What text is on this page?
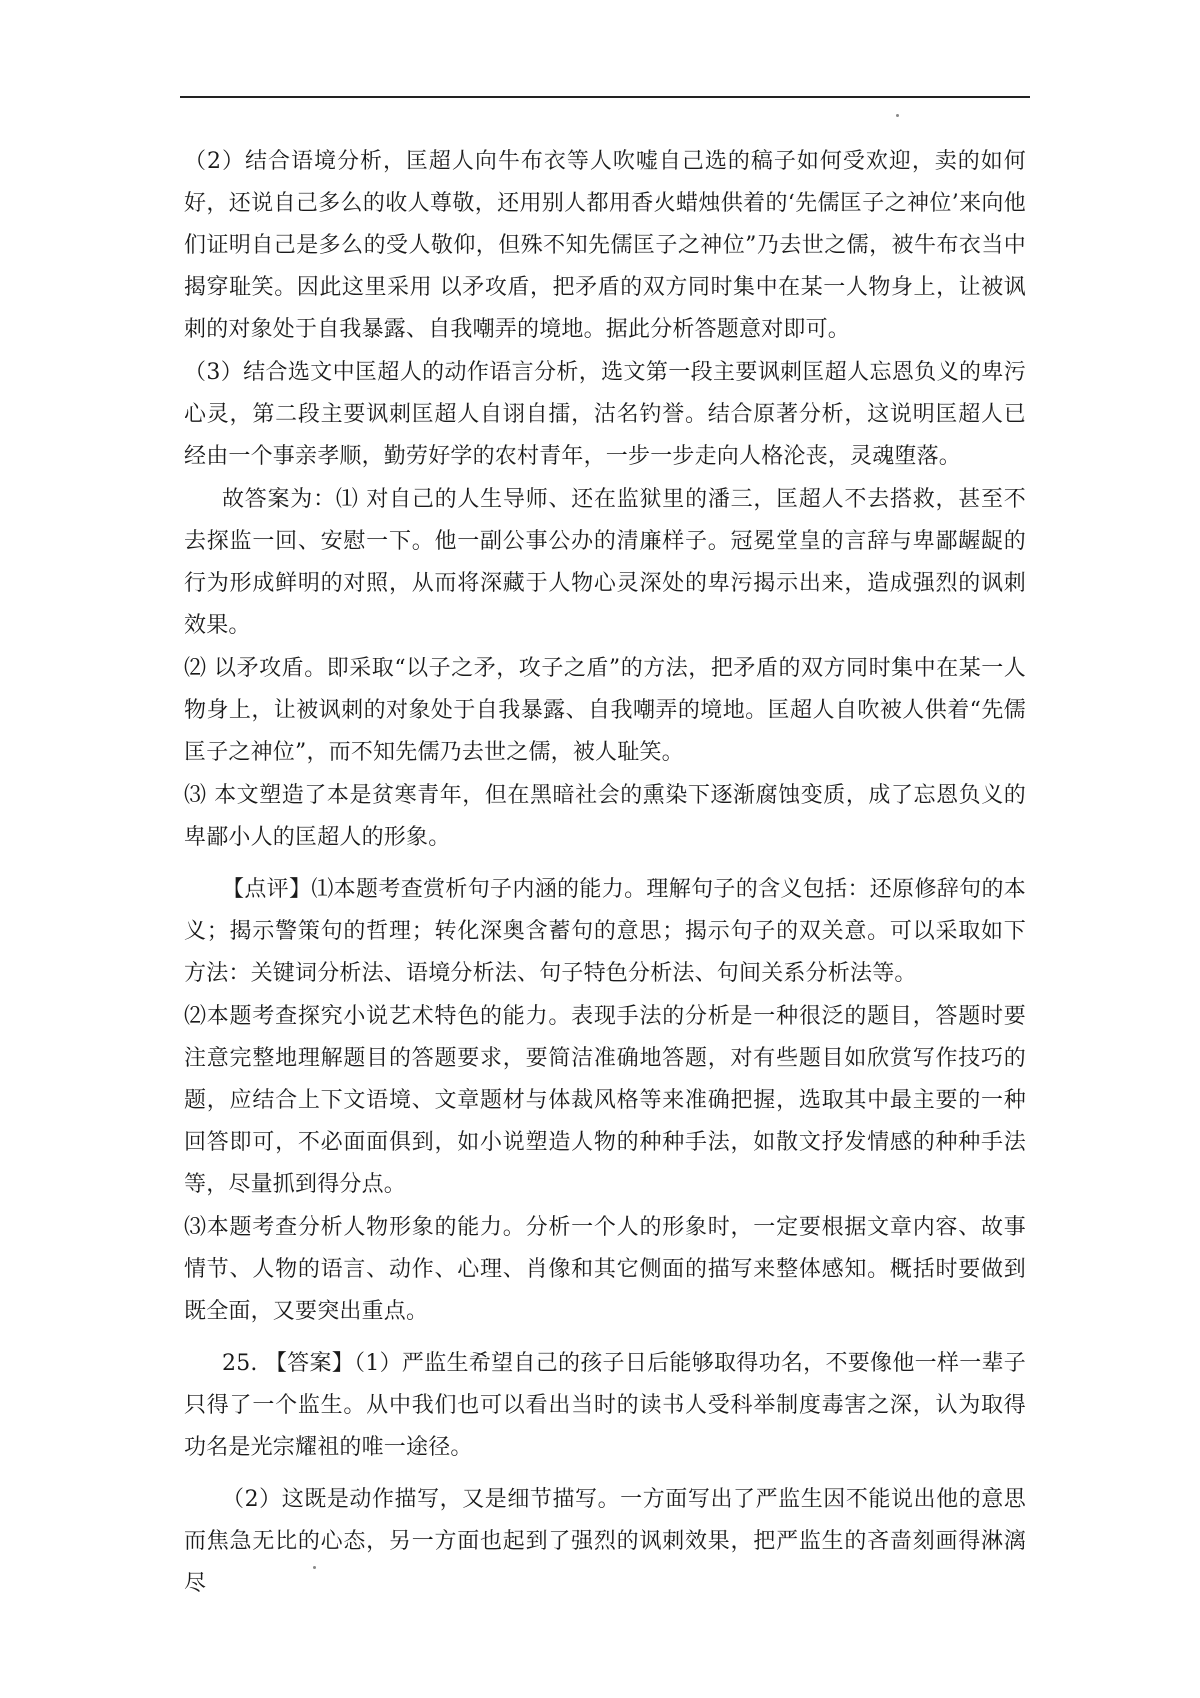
（2）结合语境分析，匡超人向牛布衣等人吹嘘自己选的稿子如何受欢迎，卖的如何好，还说自己多么的收人尊敬，还用别人都用香火蜡烛供着的‘先儒匡子之神位’来向他们证明自己是多么的受人敬仰，但殊不知先儒匡子之神位”乃去世之儒，被牛布衣当中揭穿耻笑。因此这里采用 以矛攻盾，把矛盾的双方同时集中在某一人物身上，让被讽刺的对象处于自我暴露、自我嘲弄的境地。据此分析答题意对即可。

（3）结合选文中匡超人的动作语言分析，选文第一段主要讽刺匡超人忘恩负义的卑污心灵，第二段主要讽刺匡超人自诩自擂，沽名钓誉。结合原著分析，这说明匡超人已经由一个事亲孝顺，勤劳好学的农村青年，一步一步走向人格沦丧，灵魂堕落。

故答案为：⑴ 对自己的人生导师、还在监狱里的潘三，匡超人不去搭救，甚至不去探监一回、安慰一下。他一副公事公办的清廉样子。冠冕堂皇的言辞与卑鄙龌龊的行为形成鲜明的对照，从而将深藏于人物心灵深处的卑污揭示出来，造成强烈的讽刺效果。

⑵ 以矛攻盾。即采取“以子之矛，攻子之盾”的方法，把矛盾的双方同时集中在某一人物身上，让被讽刺的对象处于自我暴露、自我嘲弄的境地。匡超人自吹被人供着“先儒匡子之神位”，而不知先儒乃去世之儒，被人耻笑。

⑶ 本文塑造了本是贫寒青年，但在黑暗社会的熏染下逐渐腐蚀变质，成了忘恩负义的卑鄙小人的匡超人的形象。

【点评】⑴本题考查赏析句子内涵的能力。理解句子的含义包括：还原修辞句的本义；揭示警策句的哲理；转化深奥含蓄句的意思；揭示句子的双关意。可以采取如下方法：关键词分析法、语境分析法、句子特色分析法、句间关系分析法等。

⑵本题考查探究小说艺术特色的能力。表现手法的分析是一种很泛的题目，答题时要注意完整地理解题目的答题要求，要简洁准确地答题，对有些题目如欣赏写作技巧的题，应结合上下文语境、文章题材与体裁风格等来准确把握，选取其中最主要的一种回答即可，不必面面俱到，如小说塑造人物的种种手法，如散文抒发情感的种种手法等，尽量抓到得分点。

⑶本题考查分析人物形象的能力。分析一个人的形象时，一定要根据文章内容、故事情节、人物的语言、动作、心理、肖像和其它侧面的描写来整体感知。概括时要做到既全面，又要突出重点。

25. 【答案】（1）严监生希望自己的孩子日后能够取得功名，不要像他一样一辈子只得了一个监生。从中我们也可以看出当时的读书人受科举制度毒害之深，认为取得功名是光宗耀祖的唯一途径。

（2）这既是动作描写，又是细节描写。一方面写出了严监生因不能说出他的意思而焦急无比的心态，另一方面也起到了强烈的讽刺效果，把严监生的吝啬刻画得淋漓尽
